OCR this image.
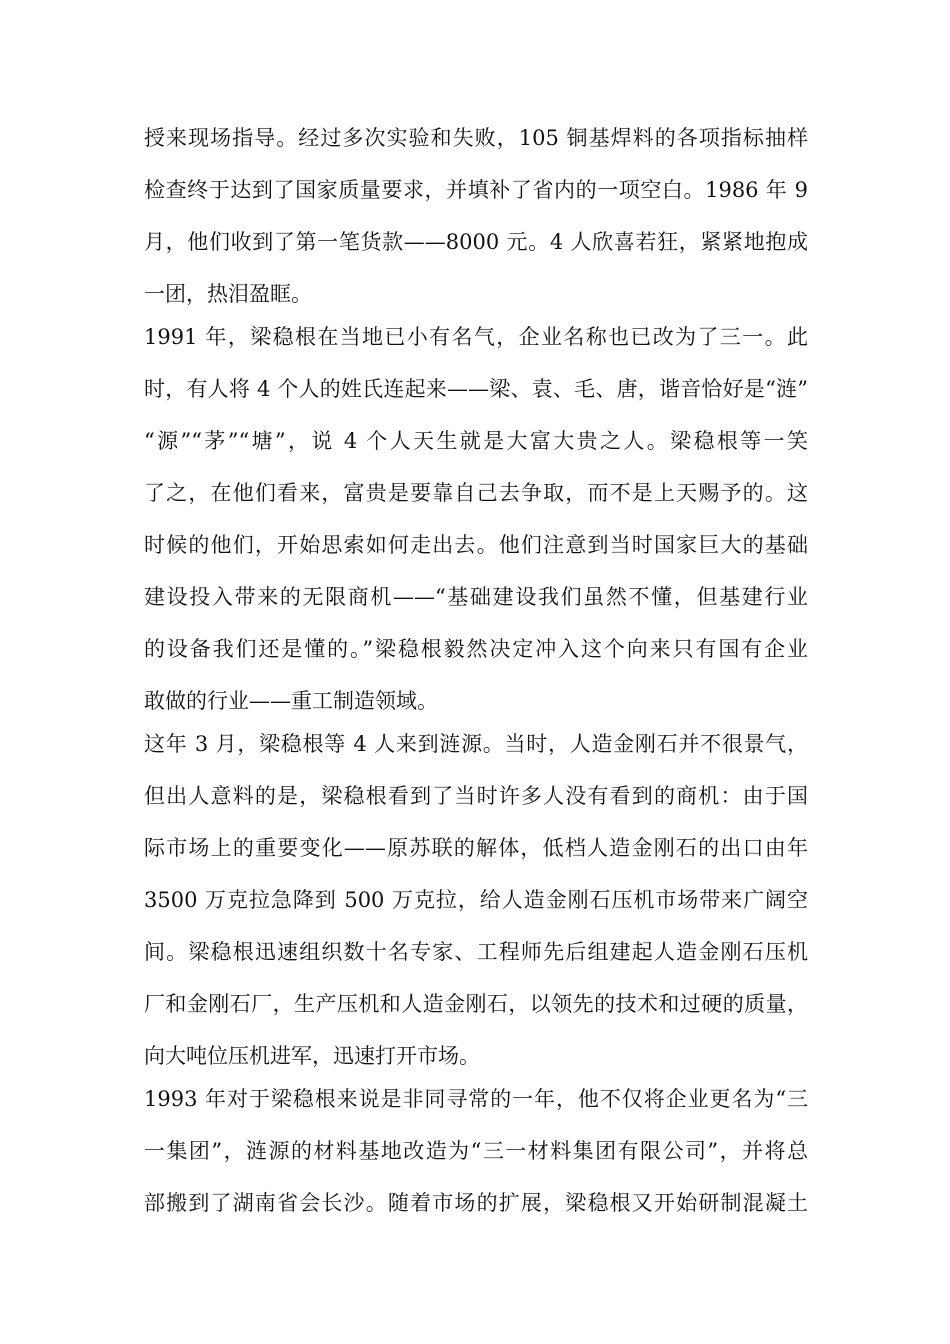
授来现场指导。经过多次实验和失败，105 铜基焊料的各项指标抽样
检查终于达到了国家质量要求，并填补了省内的一项空白。1986 年 9
月，他们收到了第一笔货款——8000 元。4 人欣喜若狂，紧紧地抱成
一团，热泪盈眶。
1991 年，梁稳根在当地已小有名气，企业名称也已改为了三一。此
时，有人将 4 个人的姓氏连起来——梁、袁、毛、唐，谐音恰好是“涟”
“源”“茅”“塘”，说 4 个人天生就是大富大贵之人。梁稳根等一笑
了之，在他们看来，富贵是要靠自己去争取，而不是上天赐予的。这
时候的他们，开始思索如何走出去。他们注意到当时国家巨大的基础
建设投入带来的无限商机——“基础建设我们虽然不懂，但基建行业
的设备我们还是懂的。”梁稳根毅然决定冲入这个向来只有国有企业
敢做的行业——重工制造领域。
这年 3 月，梁稳根等 4 人来到涟源。当时，人造金刚石并不很景气，
但出人意料的是，梁稳根看到了当时许多人没有看到的商机：由于国
际市场上的重要变化——原苏联的解体，低档人造金刚石的出口由年
3500 万克拉急降到 500 万克拉，给人造金刚石压机市场带来广阔空
间。梁稳根迅速组织数十名专家、工程师先后组建起人造金刚石压机
厂和金刚石厂，生产压机和人造金刚石，以领先的技术和过硬的质量，
向大吨位压机进军，迅速打开市场。
1993 年对于梁稳根来说是非同寻常的一年，他不仅将企业更名为“三
一集团”，涟源的材料基地改造为“三一材料集团有限公司”，并将总
部搬到了湖南省会长沙。随着市场的扩展，梁稳根又开始研制混凝土
